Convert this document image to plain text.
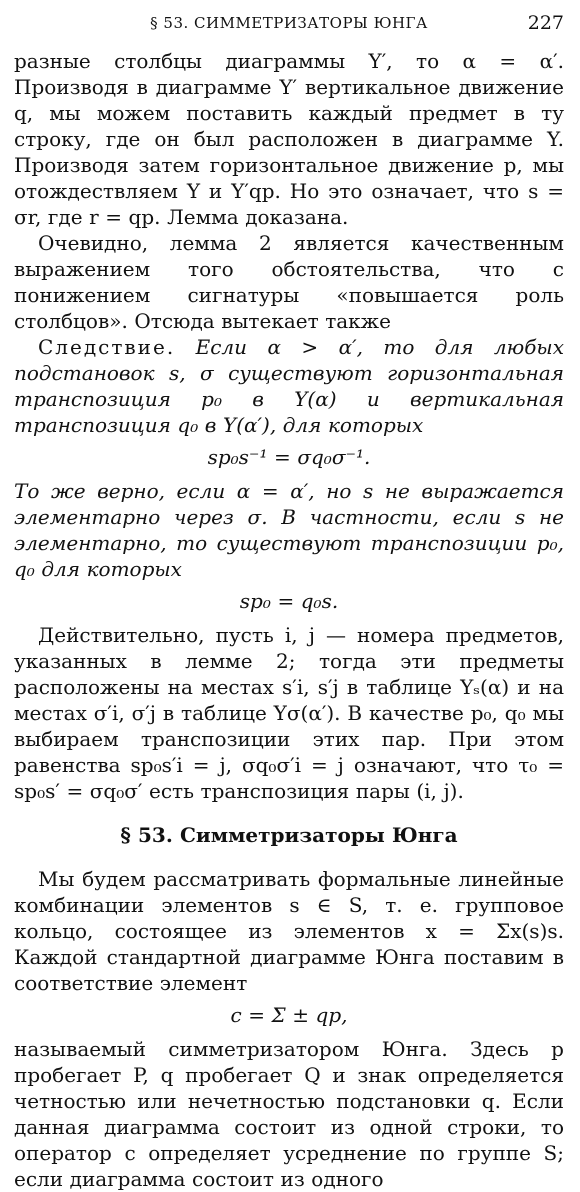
§ 53. СИММЕТРИЗАТОРЫ ЮНГА	227

разные столбцы диаграммы Y′, то α = α′. Производя в диаграмме Y′ вертикальное движение q, мы можем поставить каждый предмет в ту строку, где он был расположен в диаграмме Y. Производя затем горизонтальное движение p, мы отождествляем Y и Y′qp. Но это означает, что s = σr, где r = qp. Лемма доказана.

Очевидно, лемма 2 является качественным выражением того обстоятельства, что с понижением сигнатуры «повышается роль столбцов». Отсюда вытекает также

Следствие. Если α > α′, то для любых подстановок s, σ существуют горизонтальная транспозиция p₀ в Y(α) и вертикальная транспозиция q₀ в Y(α′), для которых

sp₀s⁻¹ = σq₀σ⁻¹.

То же верно, если α = α′, но s не выражается элементарно через σ. В частности, если s не элементарно, то существуют транспозиции p₀, q₀ для которых

sp₀ = q₀s.

Действительно, пусть i, j — номера предметов, указанных в лемме 2; тогда эти предметы расположены на местах s′i, s′j в таблице Yₛ(α) и на местах σ′i, σ′j в таблице Yσ(α′). В качестве p₀, q₀ мы выбираем транспозиции этих пар. При этом равенства sp₀s′i = j, σq₀σ′i = j означают, что τ₀ = sp₀s′ = σq₀σ′ есть транспозиция пары (i, j).

§ 53. Симметризаторы Юнга

Мы будем рассматривать формальные линейные комбинации элементов s ∈ S, т. е. групповое кольцо, состоящее из элементов x = Σx(s)s. Каждой стандартной диаграмме Юнга поставим в соответствие элемент

c = Σ ± qp,

называемый симметризатором Юнга. Здесь p пробегает P, q пробегает Q и знак определяется четностью или нечетностью подстановки q. Если данная диаграмма состоит из одной строки, то оператор c определяет усреднение по группе S; если диаграмма состоит из одного
